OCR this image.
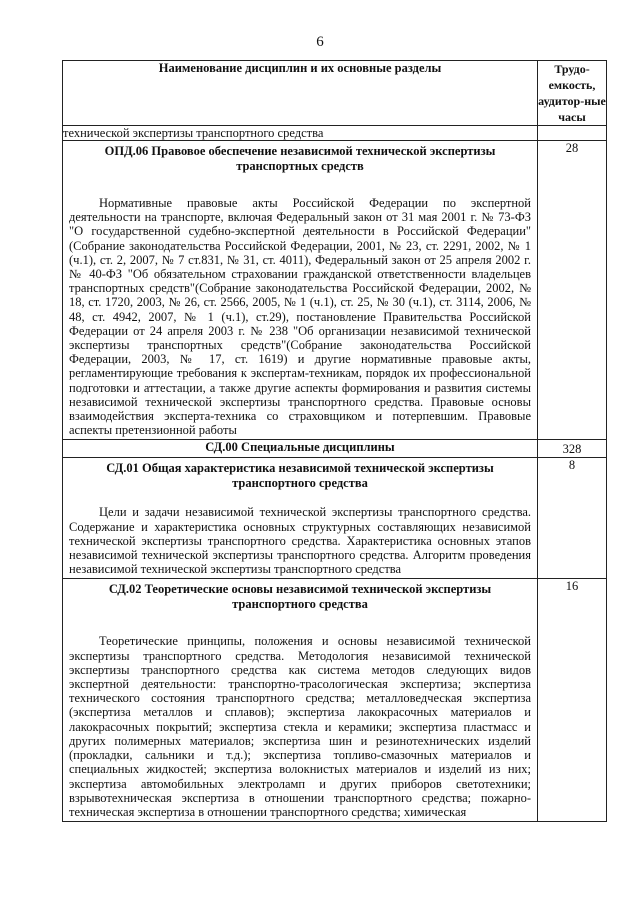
6
Наименование дисциплин и их основные разделы	Трудо-емкость, аудитор-ные часы
технической экспертизы транспортного средства	

ОПД.06 Правовое обеспечение независимой технической экспертизы транспортных средств
Нормативные правовые акты Российской Федерации по экспертной деятельности на транспорте, включая Федеральный закон от 31 мая 2001 г. № 73-ФЗ "О государственной судебно-экспертной деятельности в Российской Федерации"(Собрание законодательства Российской Федерации, 2001, № 23, ст. 2291, 2002, № 1 (ч.1), ст. 2, 2007, № 7 ст.831, № 31, ст. 4011), Федеральный закон от 25 апреля 2002 г. № 40-ФЗ "Об обязательном страховании гражданской ответственности владельцев транспортных средств"(Собрание законодательства Российской Федерации, 2002, № 18, ст. 1720, 2003, № 26, ст. 2566, 2005, № 1 (ч.1), ст. 25, № 30 (ч.1), ст. 3114, 2006, № 48, ст. 4942, 2007, № 1 (ч.1), ст.29), постановление Правительства Российской Федерации от 24 апреля 2003 г. № 238 "Об организации независимой технической экспертизы транспортных средств"(Собрание законодательства Российской Федерации, 2003, № 17, ст. 1619) и другие нормативные правовые акты, регламентирующие требования к экспертам-техникам, порядок их профессиональной подготовки и аттестации, а также другие аспекты формирования и развития системы независимой технической экспертизы транспортного средства. Правовые основы взаимодействия эксперта-техника со страховщиком и потерпевшим. Правовые аспекты претензионной работы	28

СД.00 Специальные дисциплины	328

СД.01 Общая характеристика независимой технической экспертизы транспортного средства
Цели и задачи независимой технической экспертизы транспортного средства. Содержание и характеристика основных структурных составляющих независимой технической экспертизы транспортного средства. Характеристика основных этапов независимой технической экспертизы транспортного средства. Алгоритм проведения независимой технической экспертизы транспортного средства	8

СД.02 Теоретические основы независимой технической экспертизы транспортного средства
Теоретические принципы, положения и основы независимой технической экспертизы транспортного средства. Методология независимой технической экспертизы транспортного средства как система методов следующих видов экспертной деятельности: транспортно-трасологическая экспертиза; экспертиза технического состояния транспортного средства; металловедческая экспертиза (экспертиза металлов и сплавов); экспертиза лакокрасочных материалов и лакокрасочных покрытий; экспертиза стекла и керамики; экспертиза пластмасс и других полимерных материалов; экспертиза шин и резинотехнических изделий (прокладки, сальники и т.д.); экспертиза топливо-смазочных материалов и специальных жидкостей; экспертиза волокнистых материалов и изделий из них; экспертиза автомобильных электроламп и других приборов светотехники; взрывотехническая экспертиза в отношении транспортного средства; пожарно-техническая экспертиза в отношении транспортного средства; химическая	16
